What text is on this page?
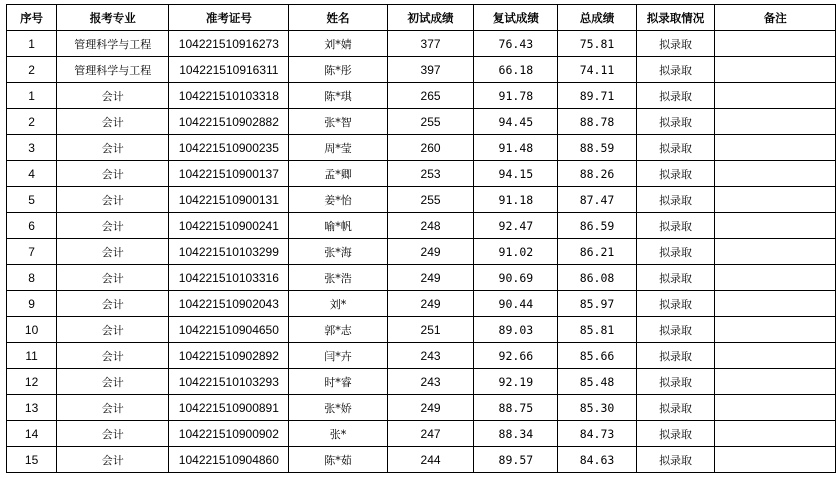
序号	报考专业	准考证号	姓名	初试成绩	复试成绩	总成绩	拟录取情况	备注
1	管理科学与工程	104221510916273	刘*婧	377	76.43	75.81	拟录取	
2	管理科学与工程	104221510916311	陈*彤	397	66.18	74.11	拟录取	
1	会计	104221510103318	陈*琪	265	91.78	89.71	拟录取	
2	会计	104221510902882	张*智	255	94.45	88.78	拟录取	
3	会计	104221510900235	周*莹	260	91.48	88.59	拟录取	
4	会计	104221510900137	孟*卿	253	94.15	88.26	拟录取	
5	会计	104221510900131	姜*怡	255	91.18	87.47	拟录取	
6	会计	104221510900241	喻*帆	248	92.47	86.59	拟录取	
7	会计	104221510103299	张*海	249	91.02	86.21	拟录取	
8	会计	104221510103316	张*浩	249	90.69	86.08	拟录取	
9	会计	104221510902043	刘*	249	90.44	85.97	拟录取	
10	会计	104221510904650	郭*志	251	89.03	85.81	拟录取	
11	会计	104221510902892	闫*卉	243	92.66	85.66	拟录取	
12	会计	104221510103293	时*睿	243	92.19	85.48	拟录取	
13	会计	104221510900891	张*娇	249	88.75	85.30	拟录取	
14	会计	104221510900902	张*	247	88.34	84.73	拟录取	
15	会计	104221510904860	陈*茹	244	89.57	84.63	拟录取	
